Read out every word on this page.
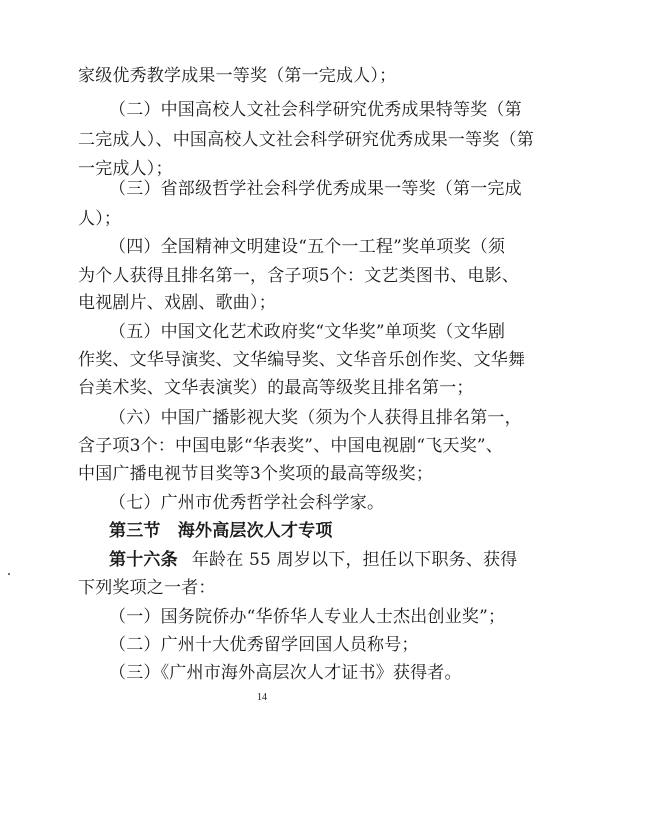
家级优秀教学成果一等奖（第一完成人）；
（二）中国高校人文社会科学研究优秀成果特等奖（第
二完成人）、中国高校人文社会科学研究优秀成果一等奖（第
一完成人）；
（三）省部级哲学社会科学优秀成果一等奖（第一完成
人）；
（四）全国精神文明建设“五个一工程”奖单项奖（须
为个人获得且排名第一，含子项5个：文艺类图书、电影、
电视剧片、戏剧、歌曲）；
（五）中国文化艺术政府奖“文华奖”单项奖（文华剧
作奖、文华导演奖、文华编导奖、文华音乐创作奖、文华舞
台美术奖、文华表演奖）的最高等级奖且排名第一；
（六）中国广播影视大奖（须为个人获得且排名第一，
含子项3个：中国电影“华表奖”、中国电视剧“飞天奖”、
中国广播电视节目奖等3个奖项的最高等级奖；
（七）广州市优秀哲学社会科学家。
第三节　海外高层次人才专项
第十六条 年龄在 55 周岁以下，担任以下职务、获得
下列奖项之一者：
（一）国务院侨办“华侨华人专业人士杰出创业奖”；
（二）广州十大优秀留学回国人员称号；
（三）《广州市海外高层次人才证书》获得者。
14
